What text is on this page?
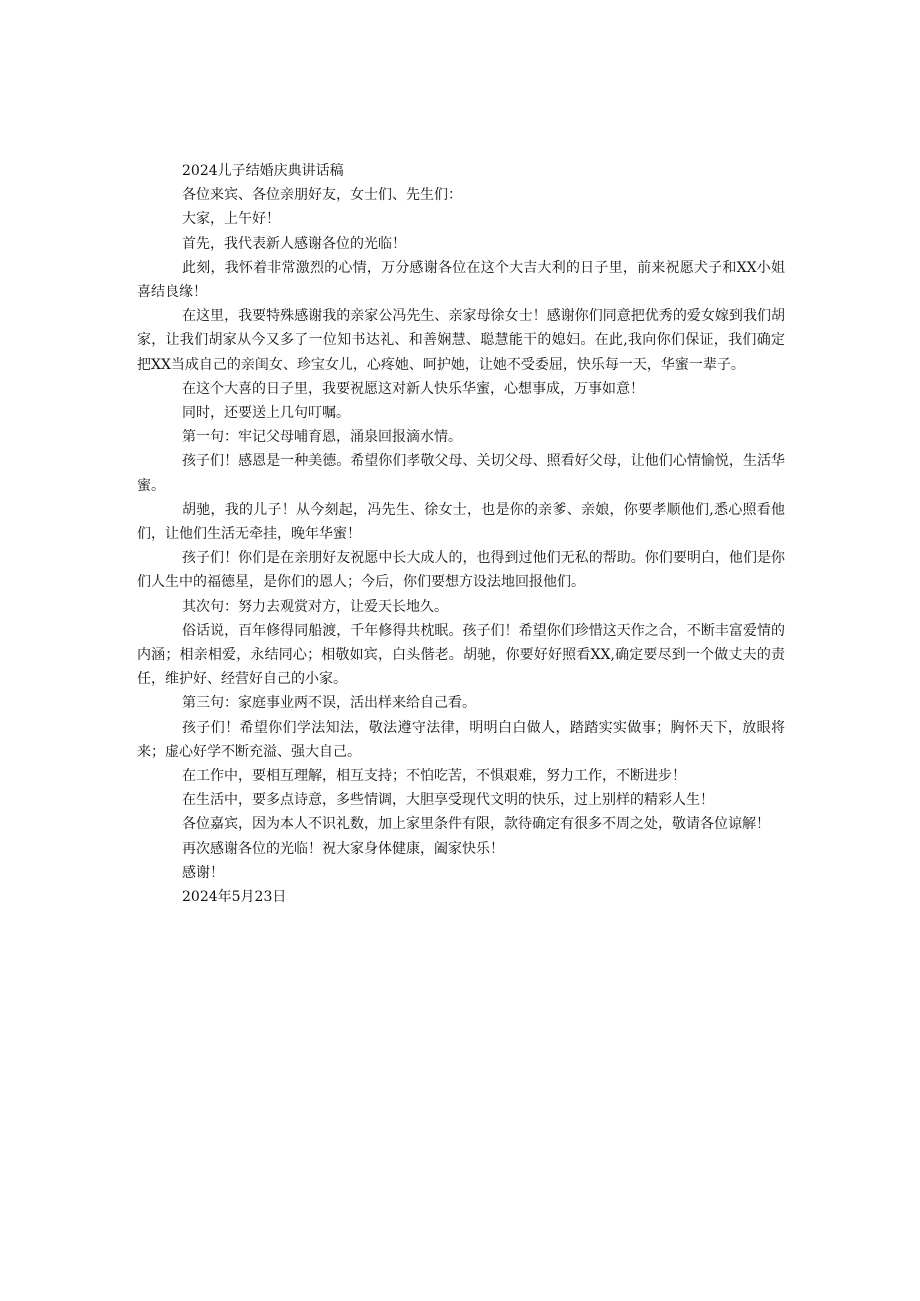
2024儿子结婚庆典讲话稿

各位来宾、各位亲朋好友，女士们、先生们：

大家，上午好！

首先，我代表新人感谢各位的光临！

此刻，我怀着非常激烈的心情，万分感谢各位在这个大吉大利的日子里，前来祝愿犬子和XX小姐喜结良缘！

在这里，我要特殊感谢我的亲家公冯先生、亲家母徐女士！感谢你们同意把优秀的爱女嫁到我们胡家，让我们胡家从今又多了一位知书达礼、和善娴慧、聪慧能干的媳妇。在此,我向你们保证，我们确定把XX当成自己的亲闺女、珍宝女儿，心疼她、呵护她，让她不受委屈，快乐每一天，华蜜一辈子。

在这个大喜的日子里，我要祝愿这对新人快乐华蜜，心想事成，万事如意！

同时，还要送上几句叮嘱。

第一句：牢记父母哺育恩，涌泉回报滴水情。

孩子们！感恩是一种美德。希望你们孝敬父母、关切父母、照看好父母，让他们心情愉悦，生活华蜜。

胡驰，我的儿子！从今刻起，冯先生、徐女士，也是你的亲爹、亲娘，你要孝顺他们,悉心照看他们，让他们生活无牵挂，晚年华蜜！

孩子们！你们是在亲朋好友祝愿中长大成人的，也得到过他们无私的帮助。你们要明白，他们是你们人生中的福德星，是你们的恩人；今后，你们要想方设法地回报他们。

其次句：努力去观赏对方，让爱天长地久。

俗话说，百年修得同船渡，千年修得共枕眠。孩子们！希望你们珍惜这天作之合，不断丰富爱情的内涵；相亲相爱，永结同心；相敬如宾，白头偕老。胡驰，你要好好照看XX,确定要尽到一个做丈夫的责任，维护好、经营好自己的小家。

第三句：家庭事业两不误，活出样来给自己看。

孩子们！希望你们学法知法，敬法遵守法律，明明白白做人，踏踏实实做事；胸怀天下，放眼将来；虚心好学不断充溢、强大自己。

在工作中，要相互理解，相互支持；不怕吃苦，不惧艰难，努力工作，不断进步！

在生活中，要多点诗意，多些情调，大胆享受现代文明的快乐，过上别样的精彩人生！

各位嘉宾，因为本人不识礼数，加上家里条件有限，款待确定有很多不周之处，敬请各位谅解！

再次感谢各位的光临！祝大家身体健康，阖家快乐！

感谢！

2024年5月23日
